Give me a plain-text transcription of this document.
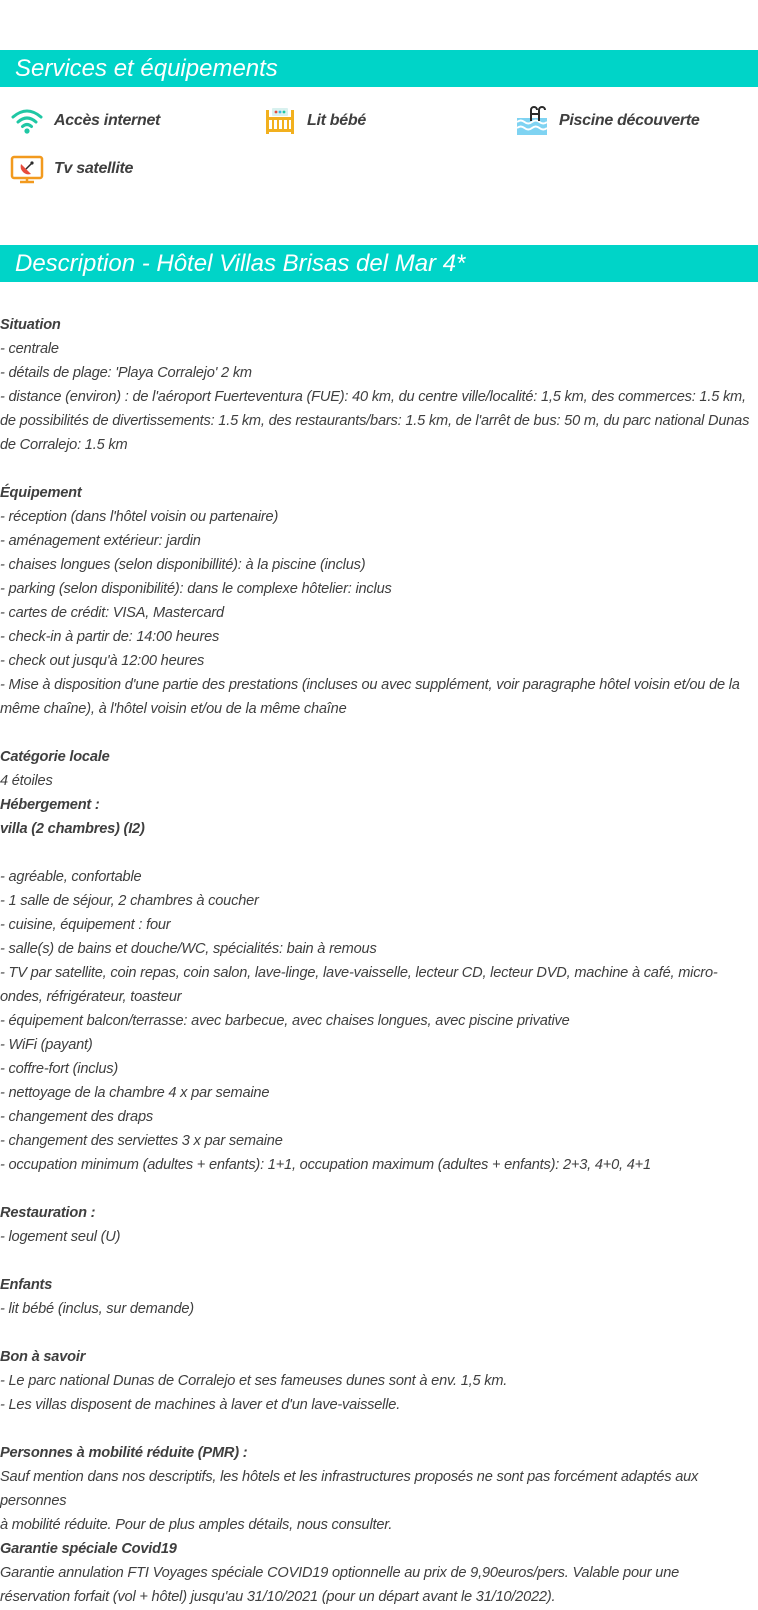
Services et équipements
Accès internet	Lit bébé	Piscine découverte
Tv satellite
Description - Hôtel Villas Brisas del Mar 4*
Situation
- centrale
- détails de plage: 'Playa Corralejo' 2 km
- distance (environ) : de l'aéroport Fuerteventura (FUE): 40 km, du centre ville/localité: 1,5 km, des commerces: 1.5 km,
de possibilités de divertissements: 1.5 km, des restaurants/bars: 1.5 km, de l'arrêt de bus: 50 m, du parc national Dunas
de Corralejo: 1.5 km
Équipement
- réception (dans l'hôtel voisin ou partenaire)
- aménagement extérieur: jardin
- chaises longues (selon disponibillité): à la piscine (inclus)
- parking (selon disponibilité): dans le complexe hôtelier: inclus
- cartes de crédit: VISA, Mastercard
- check-in à partir de: 14:00 heures
- check out jusqu'à 12:00 heures
- Mise à disposition d'une partie des prestations (incluses ou avec supplément, voir paragraphe hôtel voisin et/ou de la
même chaîne), à l'hôtel voisin et/ou de la même chaîne
Catégorie locale
4 étoiles
Hébergement :
villa (2 chambres) (I2)
- agréable, confortable
- 1 salle de séjour, 2 chambres à coucher
- cuisine, équipement : four
- salle(s) de bains et douche/WC, spécialités: bain à remous
- TV par satellite, coin repas, coin salon, lave-linge, lave-vaisselle, lecteur CD, lecteur DVD, machine à café, micro-
ondes, réfrigérateur, toasteur
- équipement balcon/terrasse: avec barbecue, avec chaises longues, avec piscine privative
- WiFi (payant)
- coffre-fort (inclus)
- nettoyage de la chambre 4 x par semaine
- changement des draps
- changement des serviettes 3 x par semaine
- occupation minimum (adultes + enfants): 1+1, occupation maximum (adultes + enfants): 2+3, 4+0, 4+1
Restauration :
- logement seul (U)
Enfants
- lit bébé (inclus, sur demande)
Bon à savoir
- Le parc national Dunas de Corralejo et ses fameuses dunes sont à env. 1,5 km.
- Les villas disposent de machines à laver et d'un lave-vaisselle.
Personnes à mobilité réduite (PMR) :
Sauf mention dans nos descriptifs, les hôtels et les infrastructures proposés ne sont pas forcément adaptés aux personnes
à mobilité réduite. Pour de plus amples détails, nous consulter.
Garantie spéciale Covid19
Garantie annulation FTI Voyages spéciale COVID19 optionnelle au prix de 9,90euros/pers. Valable pour une
réservation forfait (vol + hôtel) jusqu'au 31/10/2021 (pour un départ avant le 31/10/2022).
